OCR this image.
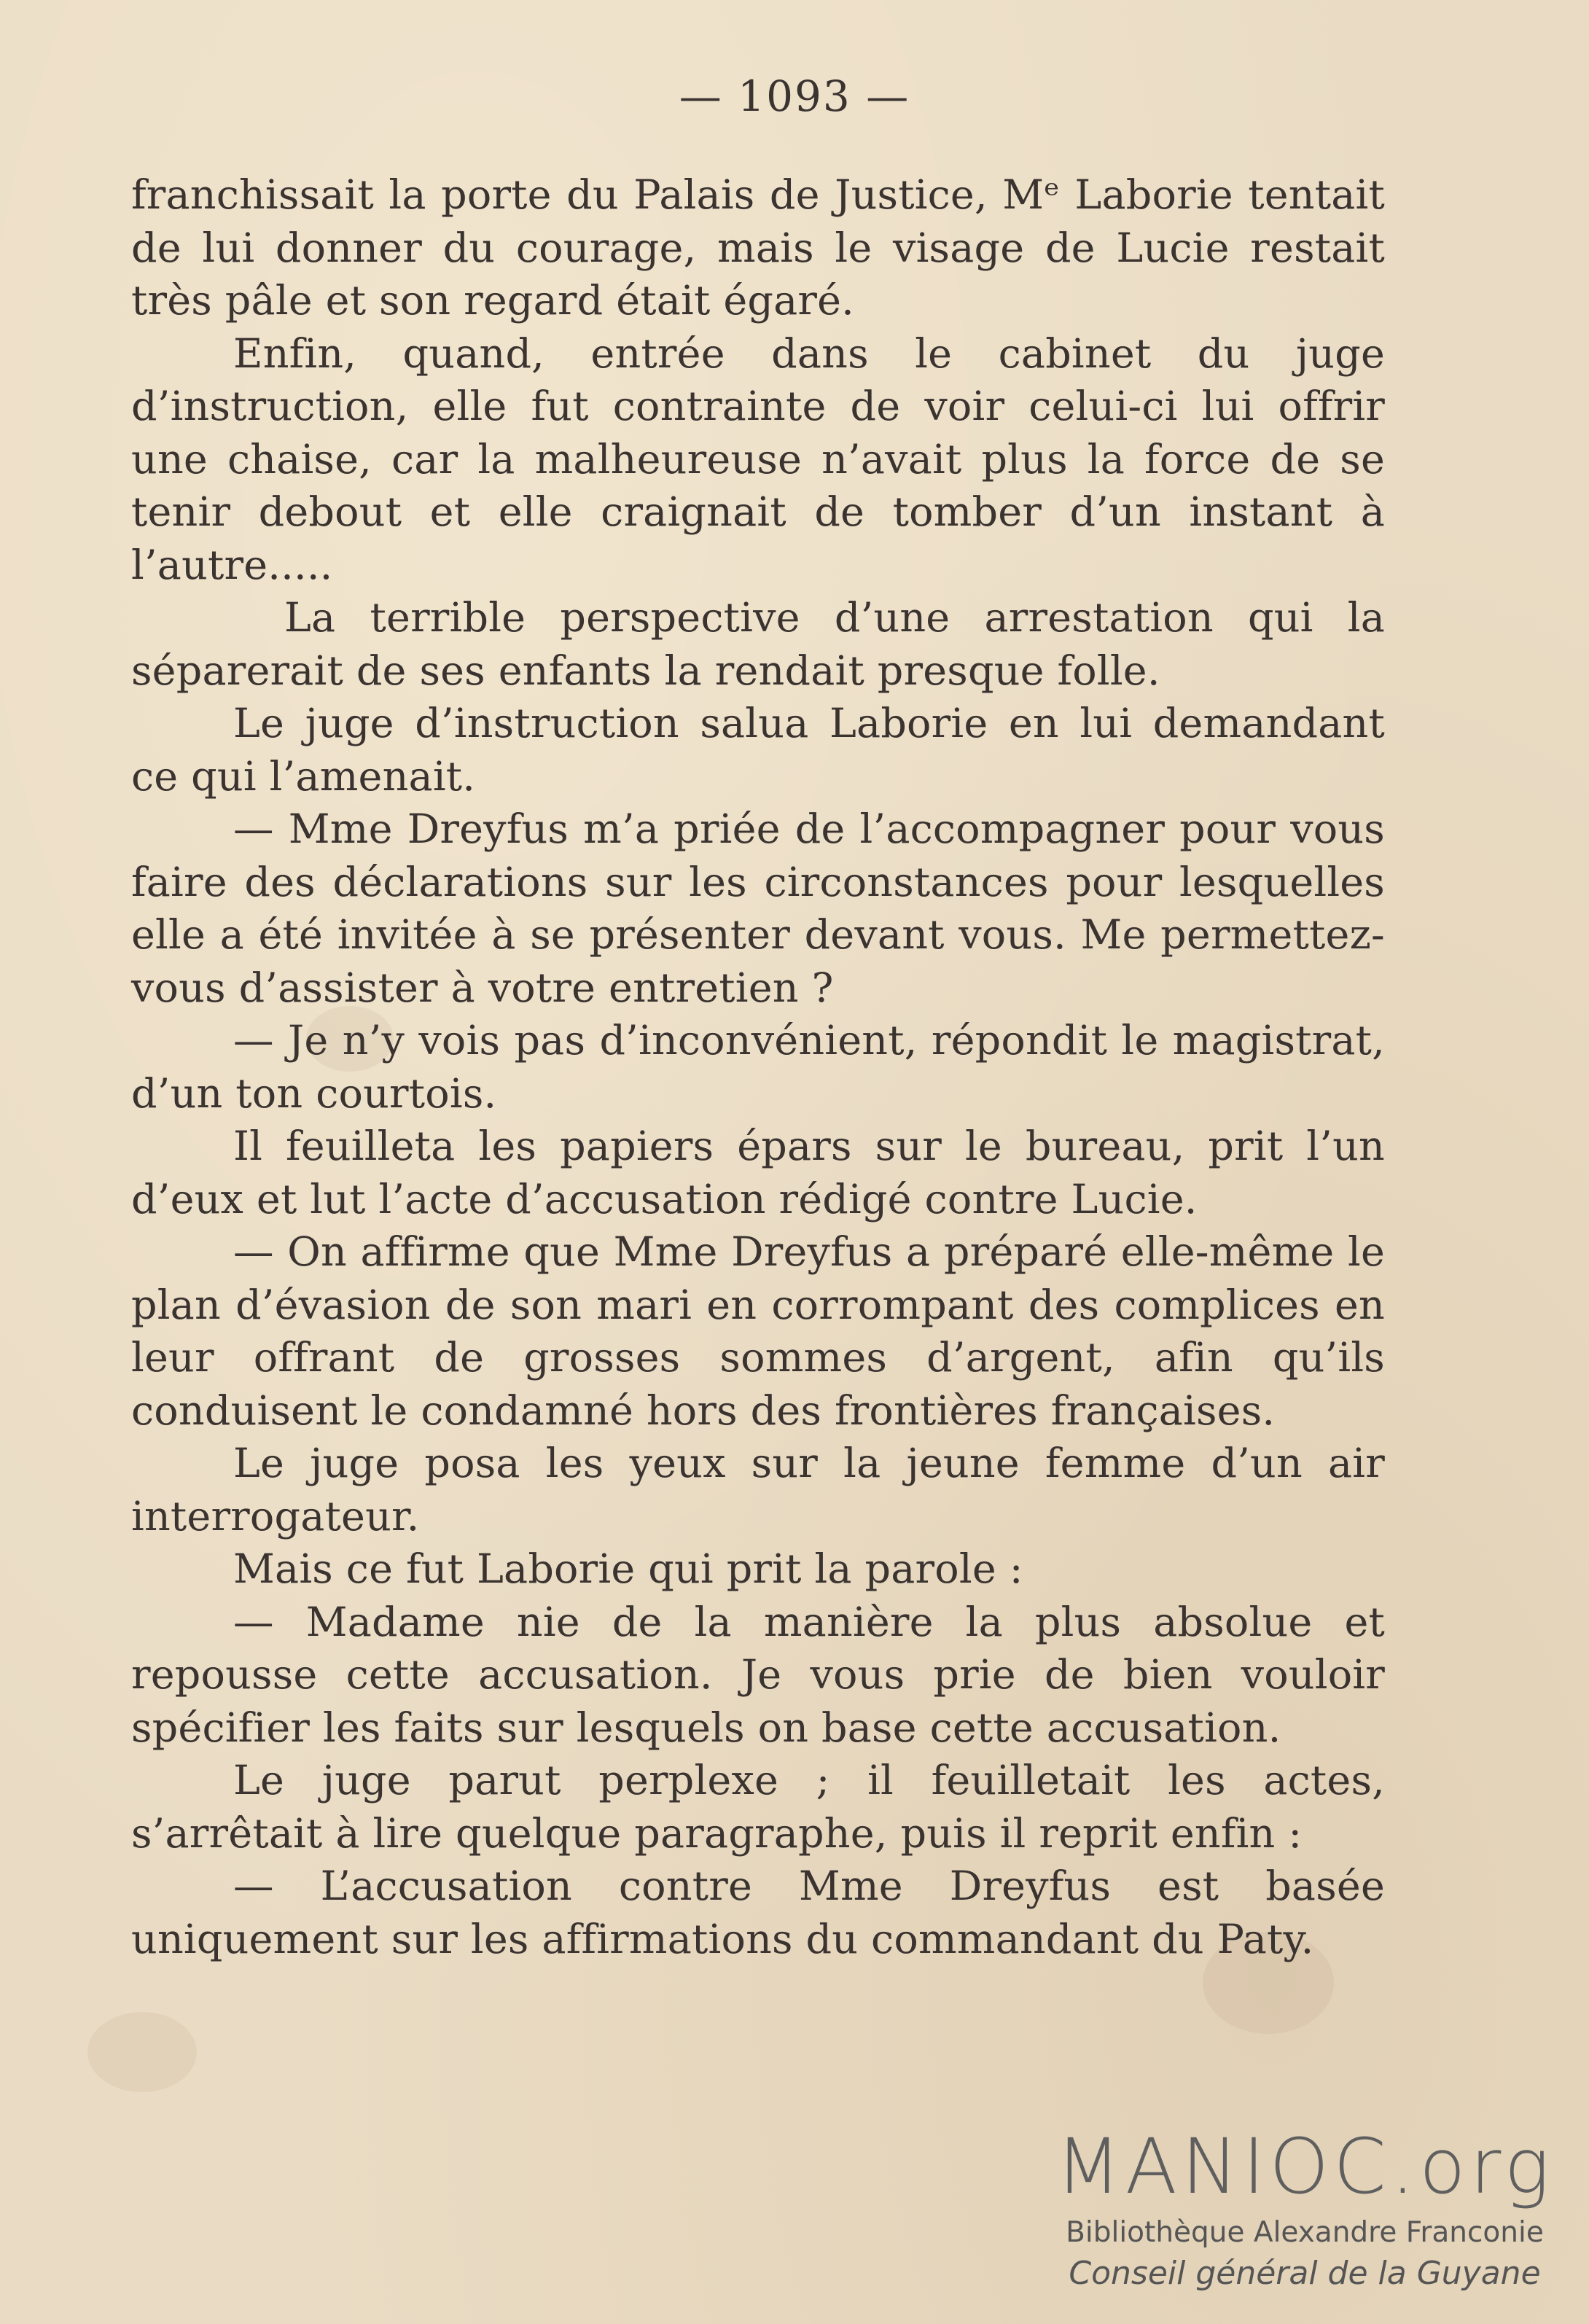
— 1093 —

franchissait la porte du Palais de Justice, Mᵉ Laborie tentait de lui donner du courage, mais le visage de Lucie restait très pâle et son regard était égaré.

Enfin, quand, entrée dans le cabinet du juge d’instruction, elle fut contrainte de voir celui-ci lui offrir une chaise, car la malheureuse n’avait plus la force de se tenir debout et elle craignait de tomber d’un instant à l’autre.....

La terrible perspective d’une arrestation qui la séparerait de ses enfants la rendait presque folle.

Le juge d’instruction salua Laborie en lui demandant ce qui l’amenait.

— Mme Dreyfus m’a priée de l’accompagner pour vous faire des déclarations sur les circonstances pour lesquelles elle a été invitée à se présenter devant vous. Me permettez-vous d’assister à votre entretien ?

— Je n’y vois pas d’inconvénient, répondit le magistrat, d’un ton courtois.

Il feuilleta les papiers épars sur le bureau, prit l’un d’eux et lut l’acte d’accusation rédigé contre Lucie.

— On affirme que Mme Dreyfus a préparé elle-même le plan d’évasion de son mari en corrompant des complices en leur offrant de grosses sommes d’argent, afin qu’ils conduisent le condamné hors des frontières françaises.

Le juge posa les yeux sur la jeune femme d’un air interrogateur.

Mais ce fut Laborie qui prit la parole :

— Madame nie de la manière la plus absolue et repousse cette accusation. Je vous prie de bien vouloir spécifier les faits sur lesquels on base cette accusation.

Le juge parut perplexe ; il feuilletait les actes, s’arrêtait à lire quelque paragraphe, puis il reprit enfin :

— L’accusation contre Mme Dreyfus est basée uniquement sur les affirmations du commandant du Paty.

MANIOC.org
Bibliothèque Alexandre Franconie
Conseil général de la Guyane
